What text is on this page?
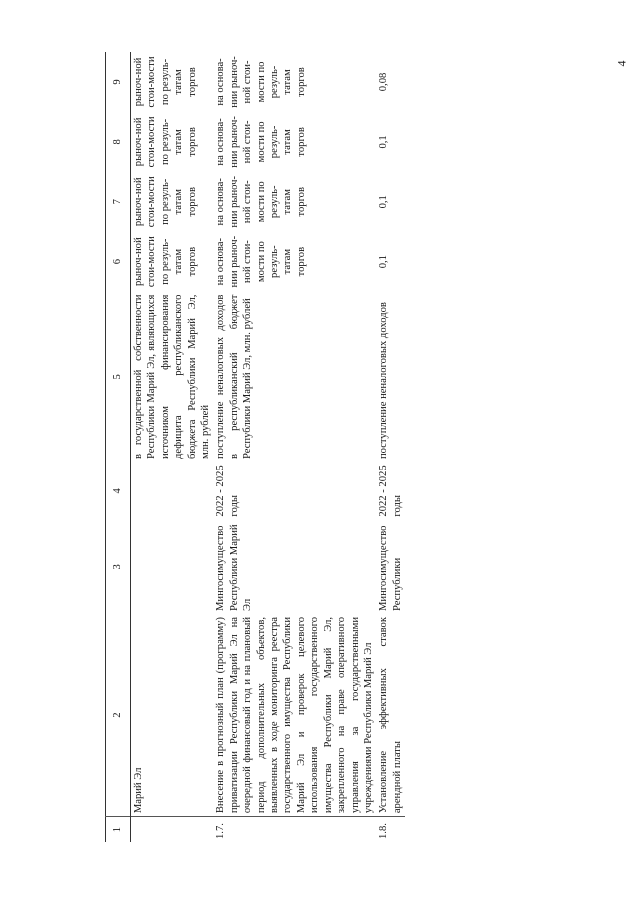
4
1	2	3	4	5	6	7	8	9
	Марий Эл			в государственной собственности Республики Марий Эл, являющихся источником финансирования дефицита республиканского бюджета Республики Марий Эл, млн. рублей	рыноч-ной стои-мости по резуль-татам торгов	рыноч-ной стои-мости по резуль-татам торгов	рыноч-ной стои-мости по резуль-татам торгов	рыноч-ной стои-мости по резуль-татам торгов
1.7.	Внесение в прогнозный план (программу) приватизации Республики Марий Эл на очередной финансовый год и на плановый период дополнительных объектов, выявленных в ходе мониторинга реестра государственного имущества Республики Марий Эл и проверок целевого использования государственного имущества Республики Марий Эл, закрепленного на праве оперативного управления за государственными учреждениями Республики Марий Эл	Мингосимущество Республики Марий Эл	2022 - 2025 годы	поступление неналоговых доходов в республиканский бюджет Республики Марий Эл, млн. рублей	на основа-нии рыноч-ной стои-мости по резуль-татам торгов	на основа-нии рыноч-ной стои-мости по резуль-татам торгов	на основа-нии рыноч-ной стои-мости по резуль-татам торгов	на основа-нии рыноч-ной стои-мости по резуль-татам торгов
1.8.	Установление эффективных ставок арендной платы	Мингосимущество Республики	2022 - 2025 годы	поступление неналоговых доходов	0,1	0,1	0,1	0,08
